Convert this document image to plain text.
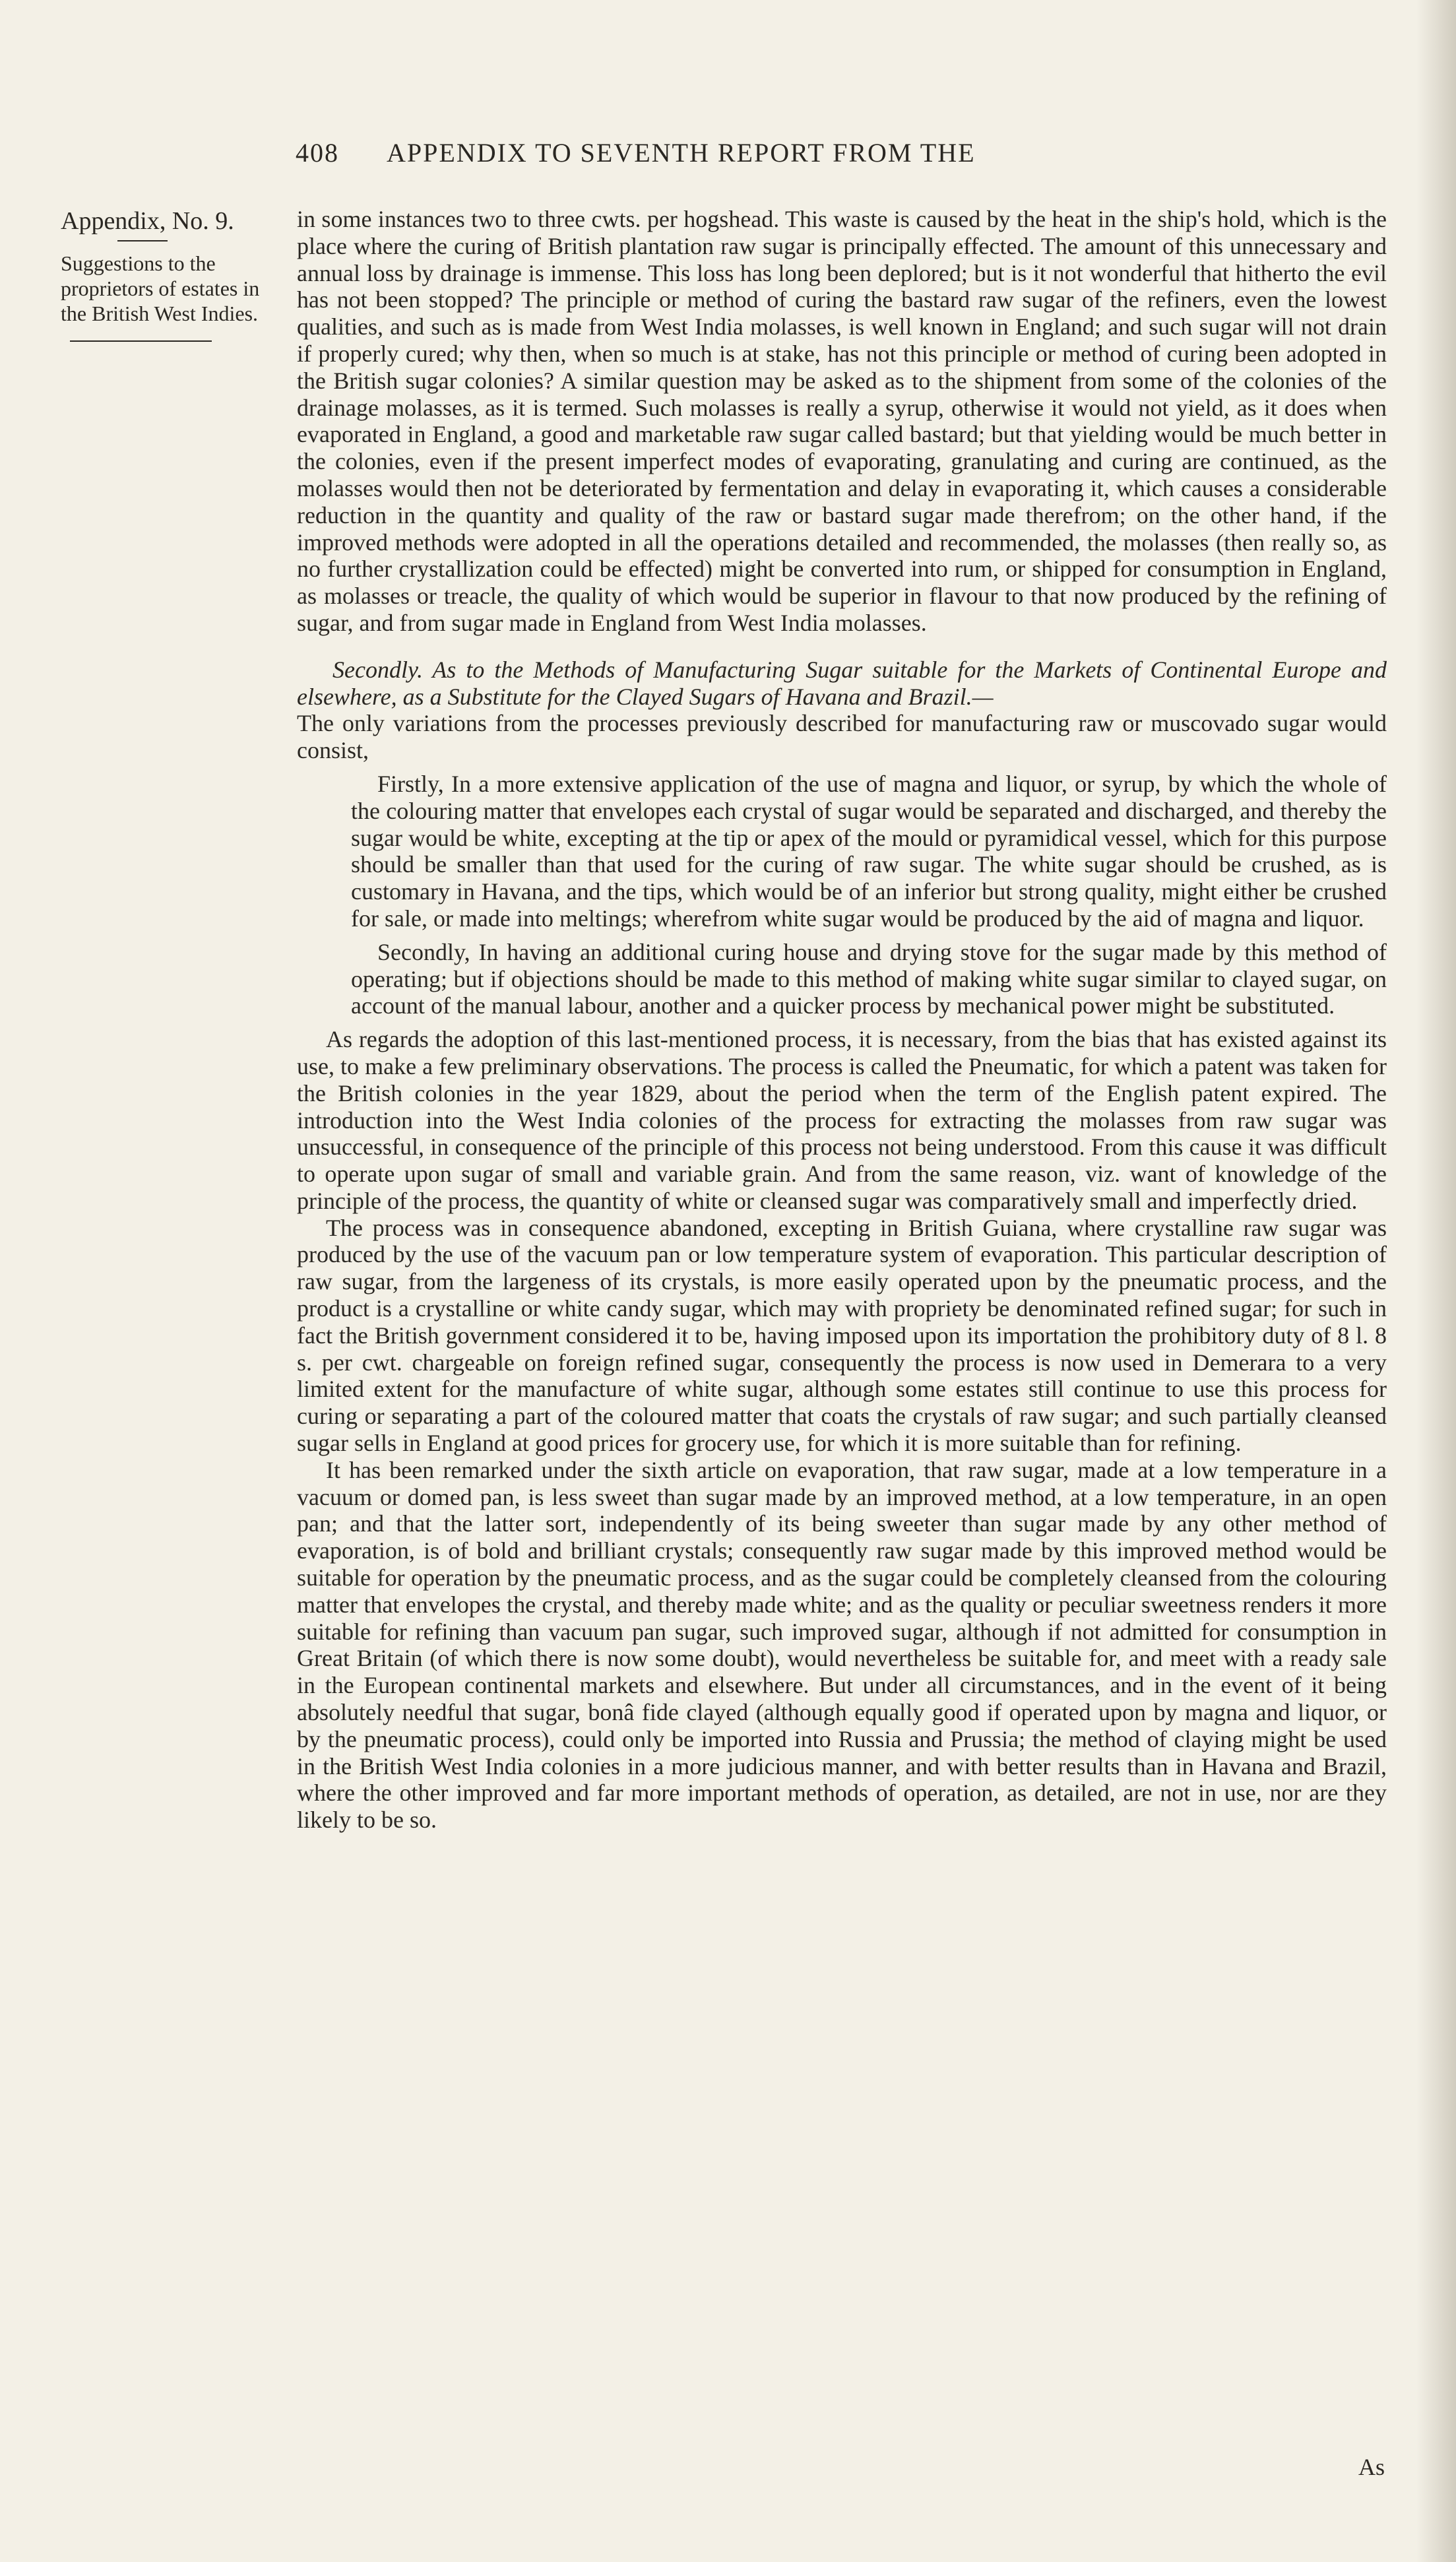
408 APPENDIX TO SEVENTH REPORT FROM THE
Appendix, No. 9.
Suggestions to the proprietors of estates in the British West Indies.

in some instances two to three cwts. per hogshead. This waste is caused by the heat in the ship's hold, which is the place where the curing of British plantation raw sugar is principally effected. The amount of this unnecessary and annual loss by drainage is immense. This loss has long been deplored; but is it not wonderful that hitherto the evil has not been stopped? The principle or method of curing the bastard raw sugar of the refiners, even the lowest qualities, and such as is made from West India molasses, is well known in England; and such sugar will not drain if properly cured; why then, when so much is at stake, has not this principle or method of curing been adopted in the British sugar colonies? A similar question may be asked as to the shipment from some of the colonies of the drainage molasses, as it is termed. Such molasses is really a syrup, otherwise it would not yield, as it does when evaporated in England, a good and marketable raw sugar called bastard; but that yielding would be much better in the colonies, even if the present imperfect modes of evaporating, granulating and curing are continued, as the molasses would then not be deteriorated by fermentation and delay in evaporating it, which causes a considerable reduction in the quantity and quality of the raw or bastard sugar made therefrom; on the other hand, if the improved methods were adopted in all the operations detailed and recommended, the molasses (then really so, as no further crystallization could be effected) might be converted into rum, or shipped for consumption in England, as molasses or treacle, the quality of which would be superior in flavour to that now produced by the refining of sugar, and from sugar made in England from West India molasses.

Secondly. As to the Methods of Manufacturing Sugar suitable for the Markets of Continental Europe and elsewhere, as a Substitute for the Clayed Sugars of Havana and Brazil.—
The only variations from the processes previously described for manufacturing raw or muscovado sugar would consist,

Firstly, In a more extensive application of the use of magna and liquor, or syrup, by which the whole of the colouring matter that envelopes each crystal of sugar would be separated and discharged, and thereby the sugar would be white, excepting at the tip or apex of the mould or pyramidical vessel, which for this purpose should be smaller than that used for the curing of raw sugar. The white sugar should be crushed, as is customary in Havana, and the tips, which would be of an inferior but strong quality, might either be crushed for sale, or made into meltings; wherefrom white sugar would be produced by the aid of magna and liquor.

Secondly, In having an additional curing house and drying stove for the sugar made by this method of operating; but if objections should be made to this method of making white sugar similar to clayed sugar, on account of the manual labour, another and a quicker process by mechanical power might be substituted.

As regards the adoption of this last-mentioned process, it is necessary, from the bias that has existed against its use, to make a few preliminary observations. The process is called the Pneumatic, for which a patent was taken for the British colonies in the year 1829, about the period when the term of the English patent expired. The introduction into the West India colonies of the process for extracting the molasses from raw sugar was unsuccessful, in consequence of the principle of this process not being understood. From this cause it was difficult to operate upon sugar of small and variable grain. And from the same reason, viz. want of knowledge of the principle of the process, the quantity of white or cleansed sugar was comparatively small and imperfectly dried.

The process was in consequence abandoned, excepting in British Guiana, where crystalline raw sugar was produced by the use of the vacuum pan or low temperature system of evaporation. This particular description of raw sugar, from the largeness of its crystals, is more easily operated upon by the pneumatic process, and the product is a crystalline or white candy sugar, which may with propriety be denominated refined sugar; for such in fact the British government considered it to be, having imposed upon its importation the prohibitory duty of 8 l. 8 s. per cwt. chargeable on foreign refined sugar, consequently the process is now used in Demerara to a very limited extent for the manufacture of white sugar, although some estates still continue to use this process for curing or separating a part of the coloured matter that coats the crystals of raw sugar; and such partially cleansed sugar sells in England at good prices for grocery use, for which it is more suitable than for refining.

It has been remarked under the sixth article on evaporation, that raw sugar, made at a low temperature in a vacuum or domed pan, is less sweet than sugar made by an improved method, at a low temperature, in an open pan; and that the latter sort, independently of its being sweeter than sugar made by any other method of evaporation, is of bold and brilliant crystals; consequently raw sugar made by this improved method would be suitable for operation by the pneumatic process, and as the sugar could be completely cleansed from the colouring matter that envelopes the crystal, and thereby made white; and as the quality or peculiar sweetness renders it more suitable for refining than vacuum pan sugar, such improved sugar, although if not admitted for consumption in Great Britain (of which there is now some doubt), would nevertheless be suitable for, and meet with a ready sale in the European continental markets and elsewhere. But under all circumstances, and in the event of it being absolutely needful that sugar, bonâ fide clayed (although equally good if operated upon by magna and liquor, or by the pneumatic process), could only be imported into Russia and Prussia; the method of claying might be used in the British West India colonies in a more judicious manner, and with better results than in Havana and Brazil, where the other improved and far more important methods of operation, as detailed, are not in use, nor are they likely to be so.

As
